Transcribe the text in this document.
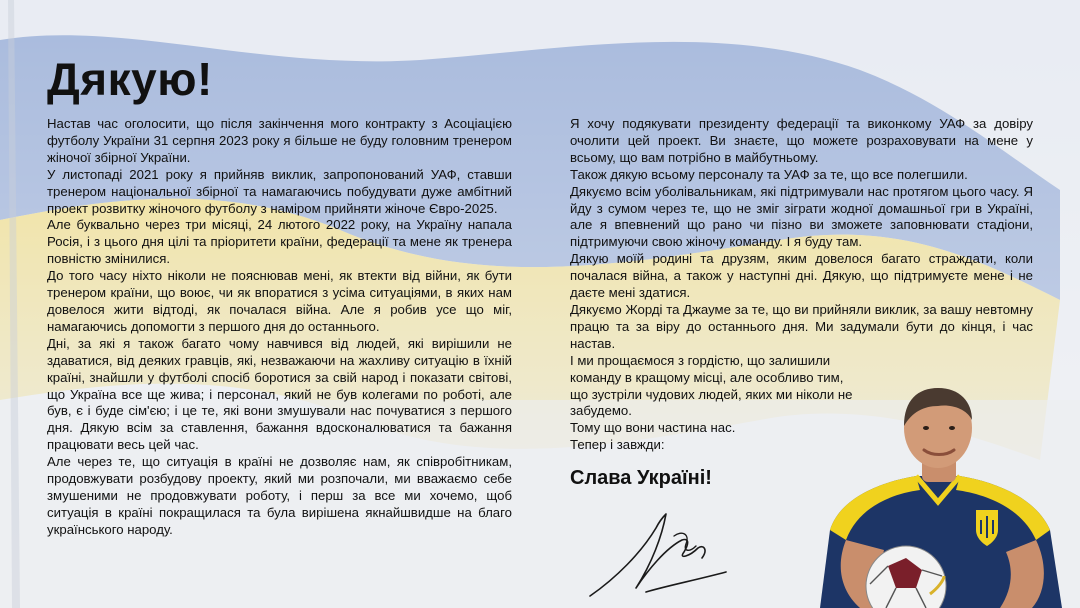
Дякую!

Настав час оголосити, що після закінчення мого контракту з Асоціацією футболу України 31 серпня 2023 року я більше не буду головним тренером жіночої збірної України.

У листопаді 2021 року я прийняв виклик, запропонований УАФ, ставши тренером національної збірної та намагаючись побудувати дуже амбітний проект розвитку жіночого футболу з наміром прийняти жіноче Євро-2025.

Але буквально через три місяці, 24 лютого 2022 року, на Україну напала Росія, і з цього дня цілі та пріоритети країни, федерації та мене як тренера повністю змінилися.

До того часу ніхто ніколи не пояснював мені, як втекти від війни, як бути тренером країни, що воює, чи як впоратися з усіма ситуаціями, в яких нам довелося жити відтоді, як почалася війна. Але я робив усе що міг, намагаючись допомогти з першого дня до останнього.

Дні, за які я також багато чому навчився від людей, які вирішили не здаватися, від деяких гравців, які, незважаючи на жахливу ситуацію в їхній країні, знайшли у футболі спосіб боротися за свій народ і показати світові, що Україна все ще жива; і персонал, який не був колегами по роботі, але був, є і буде сім'єю; і це те, які вони змушували нас почуватися з першого дня. Дякую всім за ставлення, бажання вдосконалюватися та бажання працювати весь цей час.

Але через те, що ситуація в країні не дозволяє нам, як співробітникам, продовжувати розбудову проекту, який ми розпочали, ми вважаємо себе змушеними не продовжувати роботу, і перш за все ми хочемо, щоб ситуація в країні покращилася та була вирішена якнайшвидше на благо українського народу.

Я хочу подякувати президенту федерації та виконкому УАФ за довіру очолити цей проект. Ви знаєте, що можете розраховувати на мене у всьому, що вам потрібно в майбутньому.

Також дякую всьому персоналу та УАФ за те, що все полегшили.

Дякуємо всім уболівальникам, які підтримували нас протягом цього часу. Я йду з сумом через те, що не зміг зіграти жодної домашньої гри в Україні, але я впевнений що рано чи пізно ви зможете заповнювати стадіони, підтримуючи свою жіночу команду. І я буду там.

Дякую моїй родині та друзям, яким довелося багато страждати, коли почалася війна, а також у наступні дні. Дякую, що підтримуєте мене і не даєте мені здатися.

Дякуємо Жорді та Джауме за те, що ви прийняли виклик, за вашу невтомну працю та за віру до останнього дня. Ми задумали бути до кінця, і час настав.

І ми прощаємося з гордістю, що залишили команду в кращому місці, але особливо тим, що зустріли чудових людей, яких ми ніколи не забудемо.

Тому що вони частина нас.

Тепер і завжди:

Слава Україні!
